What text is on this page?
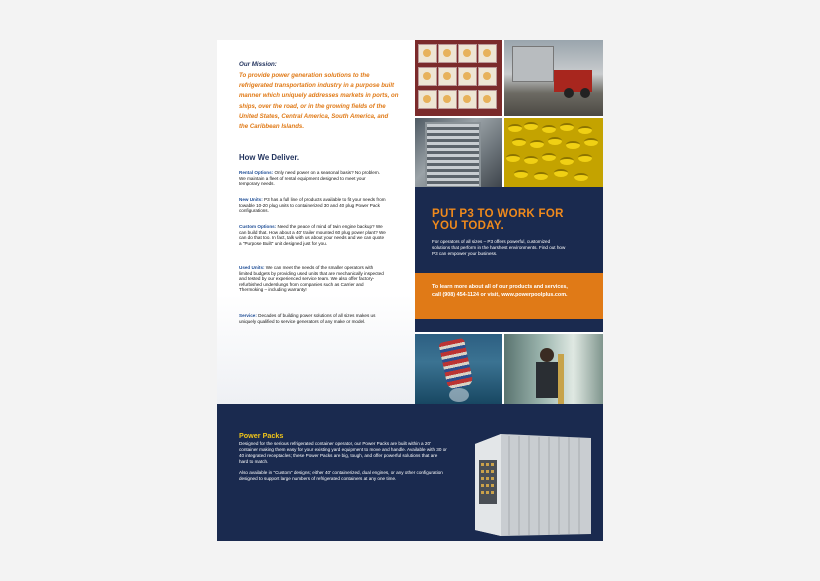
Our Mission:
To provide power generation solutions to the refrigerated transportation industry in a purpose built manner which uniquely addresses markets in ports, on ships, over the road, or in the growing fields of the United States, Central America, South America, and the Caribbean Islands.
How We Deliver.
Rental Options: Only need power on a seasonal basis? No problem. We maintain a fleet of rental equipment designed to meet your temporary needs.
New Units: P3 has a full line of products available to fit your needs from towable 10-20 plug units to containerized 30 and 40 plug Power Pack configurations.
Custom Options: Need the peace of mind of twin engine backup? We can build that. How about a 40' trailer mounted 60 plug power plant? We can do that too. In fact, talk with us about your needs and we can quote a "Purpose Built" unit designed just for you.
Used Units: We can meet the needs of the smaller operators with limited budgets by providing used units that are mechanically inspected and tested by our experienced service team. We also offer factory-refurbished underslungs from companies such as Carrier and Thermoking – including warranty!
Service: Decades of building power solutions of all sizes makes us uniquely qualified to service generators of any make or model.
PUT P3 TO WORK FOR YOU TODAY.
For operators of all sizes – P3 offers powerful, customized solutions that perform in the harshest environments. Find out how P3 can empower your business.
To learn more about all of our products and services, call (908) 454-1124 or visit, www.powerpoolplus.com.
Power Packs
Designed for the serious refrigerated container operator, our Power Packs are built within a 20' container making them easy for your existing yard equipment to move and handle. Available with 30 or 40 integrated receptacles; these Power Packs are big, tough, and offer powerful solutions that are hard to match.
Also available in "Custom" designs; either 40' containerized, dual engines, or any other configuration designed to support large numbers of refrigerated containers at any one time.
